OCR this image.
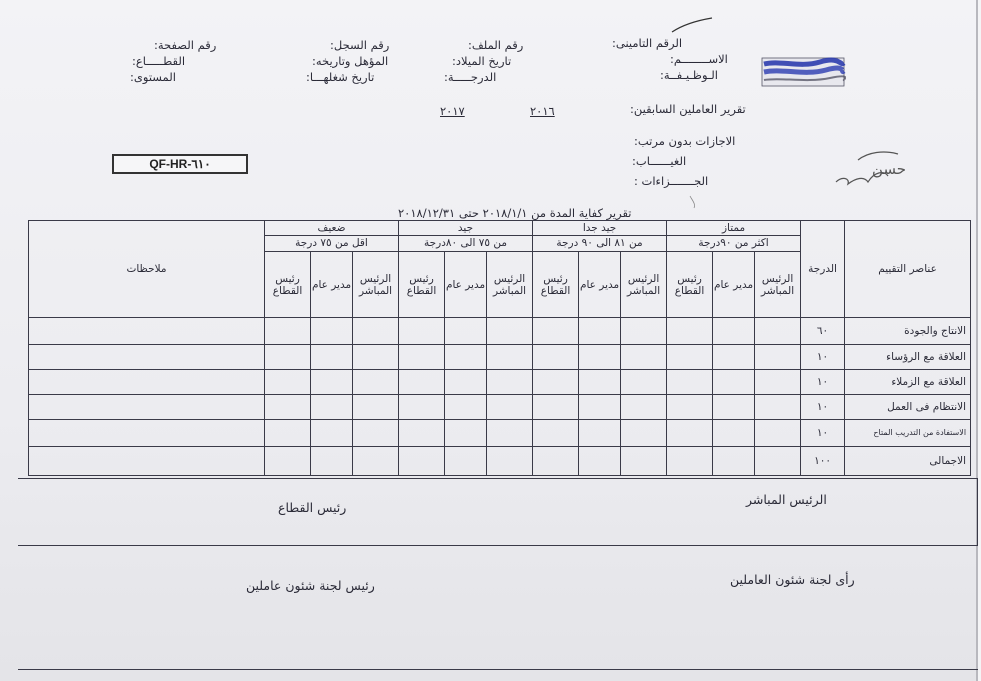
الرقم التامينى:
رقم الملف:
رقم السجل:
رقم الصفحة:
الاســــــــم:
تاريخ الميلاد:
المؤهل وتاريخه:
القطـــــاع:
الـوظـيـفــة:
الدرجـــــة:
تاريخ شغلهـــا:
المستوى:
تقرير العاملين السابقين:
٢٠١٦
٢٠١٧
الاجازات بدون مرتب:
الغيــــــاب:
الجـــــــزاءات :
QF-HR-٦١٠	ﺣﺴﻦ
تقرير كفاية المدة من ٢٠١٨/١/١ حتى ٢٠١٨/١٢/٣١
عناصر التقييم	الدرجة	ممتاز			جيد جدا			جيد			ضعيف			ملاحظات
		اكثر من ٩٠درجة			من ٨١ الى ٩٠ درجة			من ٧٥ الى ٨٠درجة			اقل من ٧٥ درجة			
		الرئيس المباشر	مدير عام	رئيس القطاع	الرئيس المباشر	مدير عام	رئيس القطاع	الرئيس المباشر	مدير عام	رئيس القطاع	الرئيس المباشر	مدير عام	رئيس القطاع	
الانتاج والجودة	٦٠													
العلاقة مع الرؤساء	١٠													
العلاقة مع الزملاء	١٠													
الانتظام فى العمل	١٠													
الاستفادة من التدريب المتاح	١٠													
الاجمالى	١٠٠													
الرئيس المباشر
رئيس القطاع
رأى لجنة شئون العاملين
رئيس لجنة شئون عاملين
